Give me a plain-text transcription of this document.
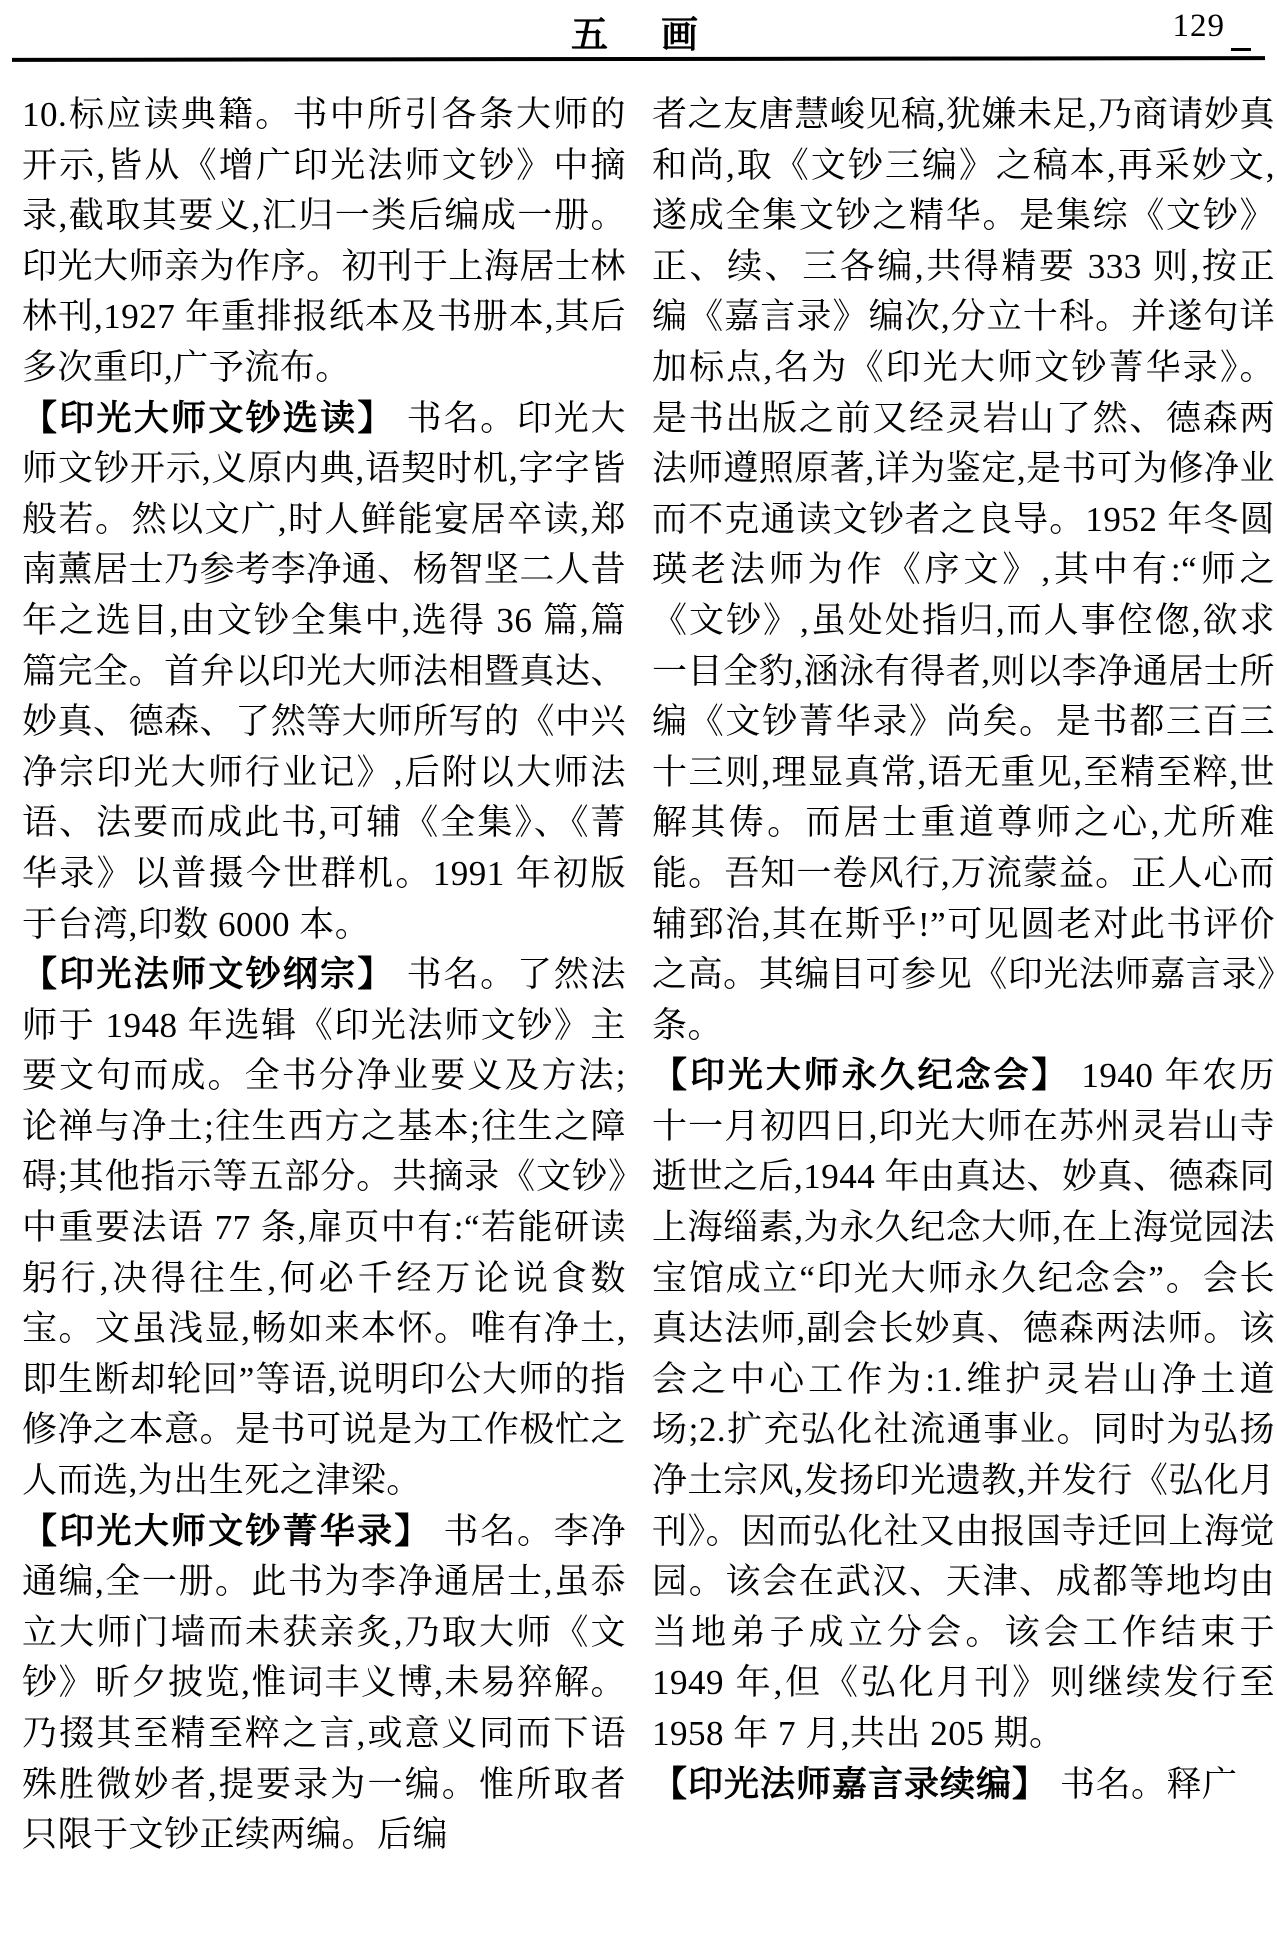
五　画	129

10.标应读典籍。书中所引各条大师的开示,皆从《增广印光法师文钞》中摘录,截取其要义,汇归一类后编成一册。印光大师亲为作序。初刊于上海居士林林刊,1927 年重排报纸本及书册本,其后多次重印,广予流布。

【印光大师文钞选读】 书名。印光大师文钞开示,义原内典,语契时机,字字皆般若。然以文广,时人鲜能宴居卒读,郑南薰居士乃参考李净通、杨智坚二人昔年之选目,由文钞全集中,选得 36 篇,篇篇完全。首弁以印光大师法相暨真达、妙真、德森、了然等大师所写的《中兴净宗印光大师行业记》,后附以大师法语、法要而成此书,可辅《全集》、《菁华录》以普摄今世群机。1991 年初版于台湾,印数 6000 本。

【印光法师文钞纲宗】 书名。了然法师于 1948 年选辑《印光法师文钞》主要文句而成。全书分净业要义及方法;论禅与净土;往生西方之基本;往生之障碍;其他指示等五部分。共摘录《文钞》中重要法语 77 条,扉页中有:“若能研读躬行,决得往生,何必千经万论说食数宝。文虽浅显,畅如来本怀。唯有净土,即生断却轮回”等语,说明印公大师的指修净之本意。是书可说是为工作极忙之人而选,为出生死之津梁。

【印光大师文钞菁华录】 书名。李净通编,全一册。此书为李净通居士,虽忝立大师门墙而未获亲炙,乃取大师《文钞》昕夕披览,惟词丰义博,未易猝解。乃掇其至精至粹之言,或意义同而下语殊胜微妙者,提要录为一编。惟所取者只限于文钞正续两编。后编

者之友唐慧峻见稿,犹嫌未足,乃商请妙真和尚,取《文钞三编》之稿本,再采妙文,遂成全集文钞之精华。是集综《文钞》正、续、三各编,共得精要 333 则,按正编《嘉言录》编次,分立十科。并遂句详加标点,名为《印光大师文钞菁华录》。是书出版之前又经灵岩山了然、德森两法师遵照原著,详为鉴定,是书可为修净业而不克通读文钞者之良导。1952 年冬圆瑛老法师为作《序文》,其中有:“师之《文钞》,虽处处指归,而人事倥偬,欲求一目全豹,涵泳有得者,则以李净通居士所编《文钞菁华录》尚矣。是书都三百三十三则,理显真常,语无重见,至精至粹,世解其俦。而居士重道尊师之心,尤所难能。吾知一卷风行,万流蒙益。正人心而辅郅治,其在斯乎!”可见圆老对此书评价之高。其编目可参见《印光法师嘉言录》条。

【印光大师永久纪念会】 1940 年农历十一月初四日,印光大师在苏州灵岩山寺逝世之后,1944 年由真达、妙真、德森同上海缁素,为永久纪念大师,在上海觉园法宝馆成立“印光大师永久纪念会”。会长真达法师,副会长妙真、德森两法师。该会之中心工作为:1.维护灵岩山净土道场;2.扩充弘化社流通事业。同时为弘扬净土宗风,发扬印光遗教,并发行《弘化月刊》。因而弘化社又由报国寺迁回上海觉园。该会在武汉、天津、成都等地均由当地弟子成立分会。该会工作结束于 1949 年,但《弘化月刊》则继续发行至 1958 年 7 月,共出 205 期。

【印光法师嘉言录续编】 书名。释广
